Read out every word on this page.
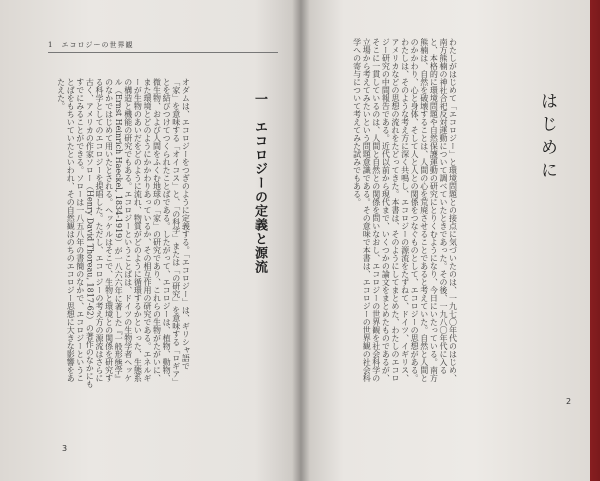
1　エコロジーの世界観
一　エコロジーの定義と源流
オダムは、エコロジーをつぎのように定義する。「エコロジー」は、ギリシャ語で「家」を意味する「オイコス」と、「の科学」または「の研究」を意味する「ロギア」とを結びつけてつくられたことばである。したがって、エコロジーは、植物、動物、微生物、および人間をふくむ地球の「家」の研究であり、これらの生物がたがいに、また環境とどのようにかかわりあっているか、その相互作用の研究である。エネルギーが生物のあいだをどのように流れ、物質がどのように循環するかといった、生態系の構造と機能の研究でもある。エコロジーということばは、ドイツの生物学者ヘッケル（Ernst Heinrich Haeckel, 1834-1919）が一八六六年に著した『一般形態学』のなかではじめて用いたとされる。ヘッケルはそこで、生物と環境との関係を研究する科学としてのエコロジーを提唱した。ただし、エコロジーの考え方の源流はさらに古く、アメリカの作家ソロー（Henry David Thoreau, 1817-62）の著作のなかにもすでにみることができる。ソローは一八五八年の書簡のなかで、エコロジーということばをもちいていたといわれ、その自然観はのちのエコロジー思想に大きな影響をあたえた。
3
2
はじめに
わたしがはじめて「エコロジー」と環境問題との接点に気づいたのは、一九七〇年代のはじめ、南方熊楠の神社合祀反対運動について調べていたときであった。その後、一九八〇年代に入ると、本格的に環境問題や自然保護運動の研究にとりくむようになり、今日にいたっている。南方熊楠は、自然を破壊することは、人間の心を荒廃させることであると考えていた。自然と人間とのかかわり、心と身体、そして人と人との関係をつなぐものとして、エコロジーの思想がある。わたしは、そのような考え方に深く共鳴し、エコロジーの源流をたずねて、ドイツ、イギリス、アメリカなどの思想の流れをたどってきた。本書は、そのようにしてまとめた、わたしのエコロジー研究の中間報告である。近代以前から現代まで、いくつかの論文をまとめたものであるが、そこに一貫しているのは、人間と自然との関係を問いなおし、エコロジーの世界観を社会科学の立場から考えてみたいという問題意識である。その意味で本書は、エコロジーの世界観の社会科学への寄与について考えてみた試みでもある。
